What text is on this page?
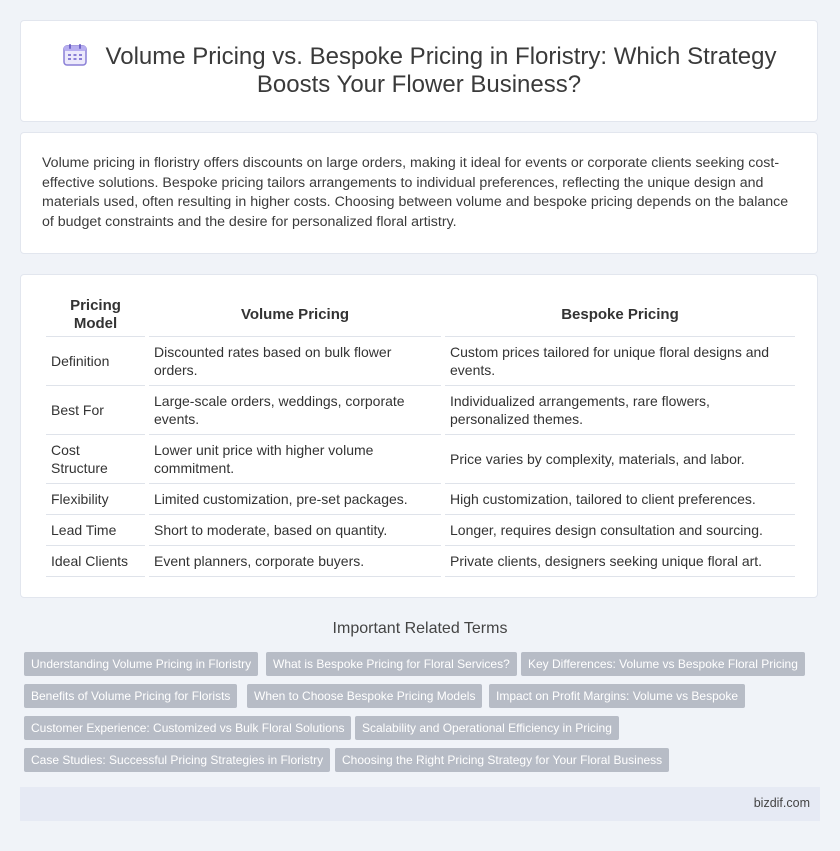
Volume Pricing vs. Bespoke Pricing in Floristry: Which Strategy
Boosts Your Flower Business?

Volume pricing in floristry offers discounts on large orders, making it ideal for events or corporate clients seeking cost-effective solutions. Bespoke pricing tailors arrangements to individual preferences, reflecting the unique design and materials used, often resulting in higher costs. Choosing between volume and bespoke pricing depends on the balance of budget constraints and the desire for personalized floral artistry.

Pricing Model	Volume Pricing	Bespoke Pricing
Definition	Discounted rates based on bulk flower orders.	Custom prices tailored for unique floral designs and events.
Best For	Large-scale orders, weddings, corporate events.	Individualized arrangements, rare flowers, personalized themes.
Cost Structure	Lower unit price with higher volume commitment.	Price varies by complexity, materials, and labor.
Flexibility	Limited customization, pre-set packages.	High customization, tailored to client preferences.
Lead Time	Short to moderate, based on quantity.	Longer, requires design consultation and sourcing.
Ideal Clients	Event planners, corporate buyers.	Private clients, designers seeking unique floral art.
Important Related Terms
Understanding Volume Pricing in Floristry	What is Bespoke Pricing for Floral Services?	Key Differences: Volume vs Bespoke Floral Pricing
Benefits of Volume Pricing for Florists	When to Choose Bespoke Pricing Models	Impact on Profit Margins: Volume vs Bespoke
Customer Experience: Customized vs Bulk Floral Solutions	Scalability and Operational Efficiency in Pricing
Case Studies: Successful Pricing Strategies in Floristry	Choosing the Right Pricing Strategy for Your Floral Business
bizdif.com
